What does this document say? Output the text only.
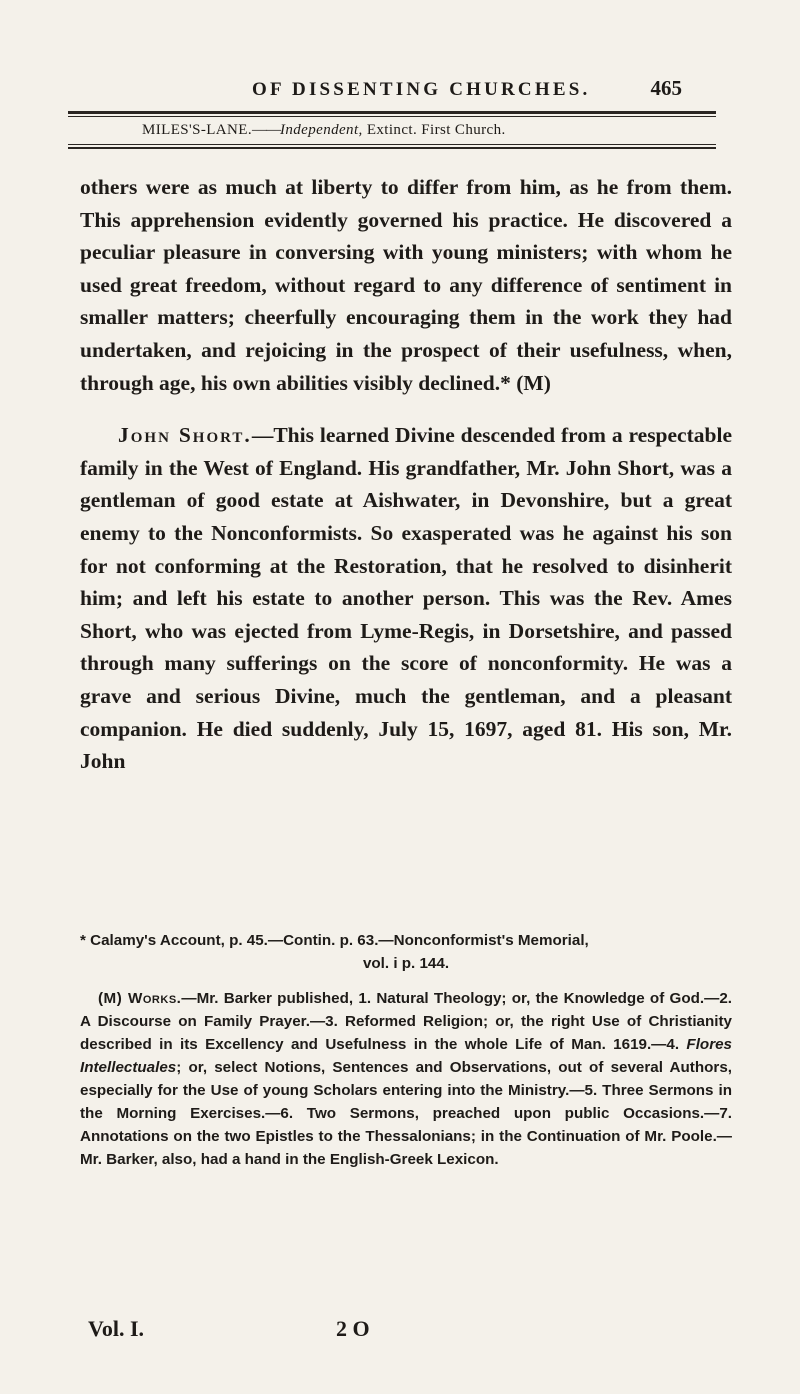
OF DISSENTING CHURCHES.	465
MILES'S-LANE.——Independent, Extinct. First Church.

others were as much at liberty to differ from him, as he from them. This apprehension evidently governed his practice. He discovered a peculiar pleasure in conversing with young ministers; with whom he used great freedom, without regard to any difference of sentiment in smaller matters; cheerfully encouraging them in the work they had undertaken, and rejoicing in the prospect of their usefulness, when, through age, his own abilities visibly declined.* (M)

John Short.—This learned Divine descended from a respectable family in the West of England. His grandfather, Mr. John Short, was a gentleman of good estate at Aishwater, in Devonshire, but a great enemy to the Nonconformists. So exasperated was he against his son for not conforming at the Restoration, that he resolved to disinherit him; and left his estate to another person. This was the Rev. Ames Short, who was ejected from Lyme-Regis, in Dorsetshire, and passed through many sufferings on the score of nonconformity. He was a grave and serious Divine, much the gentleman, and a pleasant companion. He died suddenly, July 15, 1697, aged 81. His son, Mr. John

* Calamy's Account, p. 45.—Contin. p. 63.—Nonconformist's Memorial,
vol. i p. 144.

(M) Works.—Mr. Barker published, 1. Natural Theology; or, the Knowledge of God.—2. A Discourse on Family Prayer.—3. Reformed Religion; or, the right Use of Christianity described in its Excellency and Usefulness in the whole Life of Man. 1619.—4. Flores Intellectuales; or, select Notions, Sentences and Observations, out of several Authors, especially for the Use of young Scholars entering into the Ministry.—5. Three Sermons in the Morning Exercises.—6. Two Sermons, preached upon public Occasions.—7. Annotations on the two Epistles to the Thessalonians; in the Continuation of Mr. Poole.—Mr. Barker, also, had a hand in the English-Greek Lexicon.

Vol. I.	2 O
